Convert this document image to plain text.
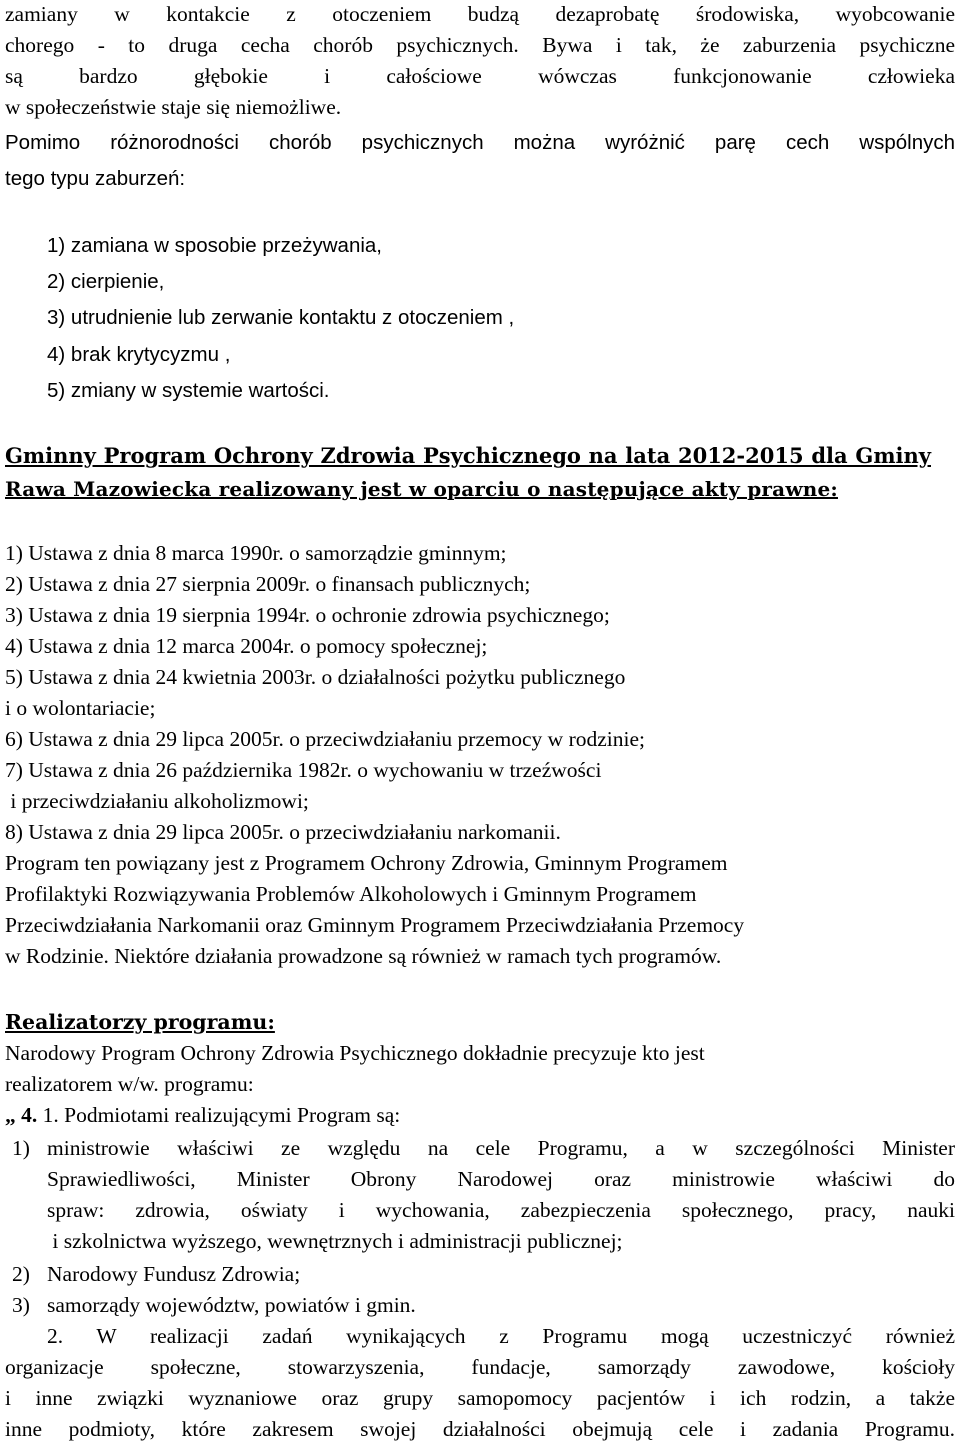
zamiany w kontakcie z otoczeniem budzą dezaprobatę środowiska, wyobcowanie
chorego - to druga cecha chorób psychicznych. Bywa i tak, że zaburzenia psychiczne
są bardzo głębokie i całościowe wówczas funkcjonowanie człowieka
w społeczeństwie staje się niemożliwe.
Pomimo różnorodności chorób psychicznych można wyróżnić parę cech wspólnych
tego typu zaburzeń:
1) zamiana w sposobie przeżywania,
2) cierpienie,
3) utrudnienie lub zerwanie kontaktu z otoczeniem ,
4) brak krytycyzmu ,
5) zmiany w systemie wartości.
Gminny Program Ochrony Zdrowia Psychicznego na lata 2012-2015 dla Gminy
Rawa Mazowiecka realizowany jest w oparciu o następujące akty prawne:
1) Ustawa z dnia 8 marca 1990r. o samorządzie gminnym;
2) Ustawa z dnia 27 sierpnia 2009r. o finansach publicznych;
3) Ustawa z dnia 19 sierpnia 1994r. o ochronie zdrowia psychicznego;
4) Ustawa z dnia 12 marca 2004r. o pomocy społecznej;
5) Ustawa z dnia 24 kwietnia 2003r. o działalności pożytku publicznego
i o wolontariacie;
6) Ustawa z dnia 29 lipca 2005r. o przeciwdziałaniu przemocy w rodzinie;
7) Ustawa z dnia 26 października 1982r. o wychowaniu w trzeźwości
i przeciwdziałaniu alkoholizmowi;
8) Ustawa z dnia 29 lipca 2005r. o przeciwdziałaniu narkomanii.
Program ten powiązany jest z Programem Ochrony Zdrowia, Gminnym Programem
Profilaktyki Rozwiązywania Problemów Alkoholowych i Gminnym Programem
Przeciwdziałania Narkomanii oraz Gminnym Programem Przeciwdziałania Przemocy
w Rodzinie. Niektóre działania prowadzone są również w ramach tych programów.
Realizatorzy programu:
Narodowy Program Ochrony Zdrowia Psychicznego dokładnie precyzuje kto jest
realizatorem w/w. programu:
„ 4. 1. Podmiotami realizującymi Program są:
1) ministrowie właściwi ze względu na cele Programu, a w szczególności Minister
Sprawiedliwości, Minister Obrony Narodowej oraz ministrowie właściwi do
spraw: zdrowia, oświaty i wychowania, zabezpieczenia społecznego, pracy, nauki
i szkolnictwa wyższego, wewnętrznych i administracji publicznej;
2) Narodowy Fundusz Zdrowia;
3) samorządy województw, powiatów i gmin.
2. W realizacji zadań wynikających z Programu mogą uczestniczyć również
organizacje społeczne, stowarzyszenia, fundacje, samorządy zawodowe, kościoły
i inne związki wyznaniowe oraz grupy samopomocy pacjentów i ich rodzin, a także
inne podmioty, które zakresem swojej działalności obejmują cele i zadania Programu.
